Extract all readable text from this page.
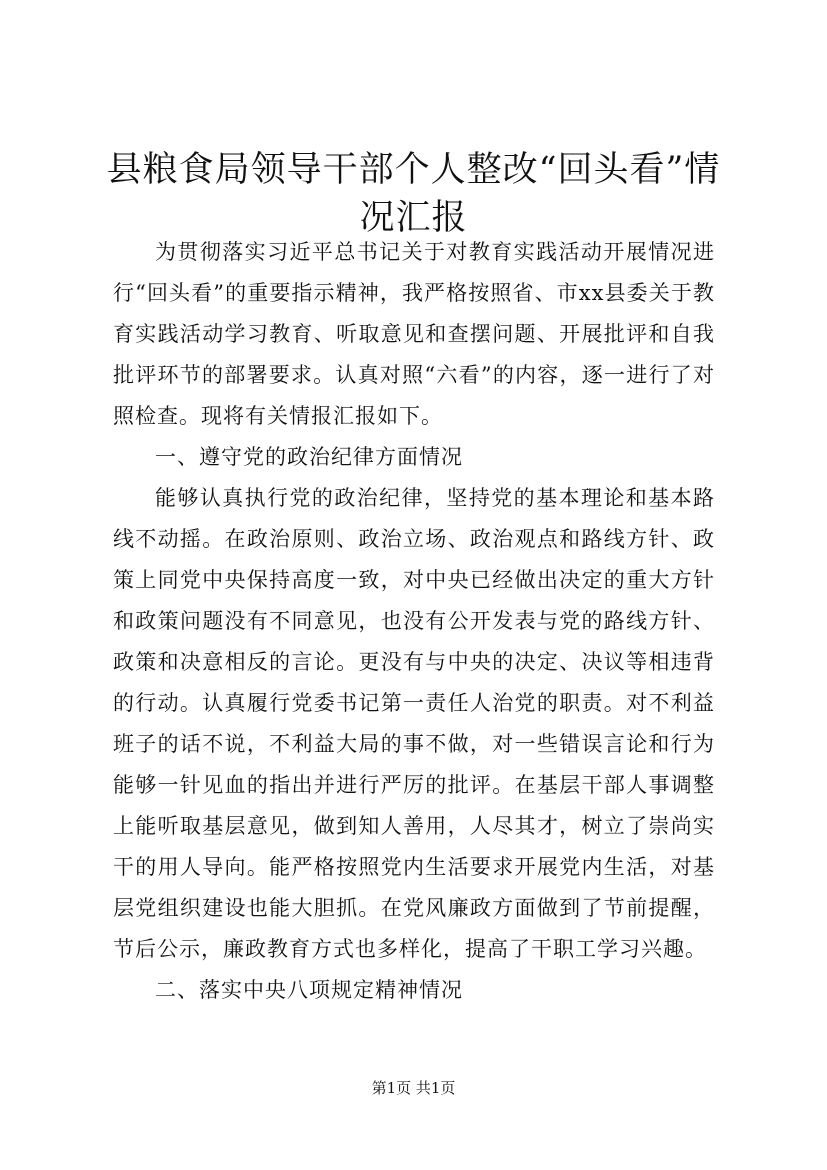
县粮食局领导干部个人整改“回头看”情况汇报

为贯彻落实习近平总书记关于对教育实践活动开展情况进行“回头看”的重要指示精神，我严格按照省、市xx县委关于教育实践活动学习教育、听取意见和查摆问题、开展批评和自我批评环节的部署要求。认真对照“六看”的内容，逐一进行了对照检查。现将有关情报汇报如下。

一、遵守党的政治纪律方面情况

能够认真执行党的政治纪律，坚持党的基本理论和基本路线不动摇。在政治原则、政治立场、政治观点和路线方针、政策上同党中央保持高度一致，对中央已经做出决定的重大方针和政策问题没有不同意见，也没有公开发表与党的路线方针、政策和决意相反的言论。更没有与中央的决定、决议等相违背的行动。认真履行党委书记第一责任人治党的职责。对不利益班子的话不说，不利益大局的事不做，对一些错误言论和行为能够一针见血的指出并进行严厉的批评。在基层干部人事调整上能听取基层意见，做到知人善用，人尽其才，树立了崇尚实干的用人导向。能严格按照党内生活要求开展党内生活，对基层党组织建设也能大胆抓。在党风廉政方面做到了节前提醒，节后公示，廉政教育方式也多样化，提高了干职工学习兴趣。

二、落实中央八项规定精神情况

第1页 共1页
